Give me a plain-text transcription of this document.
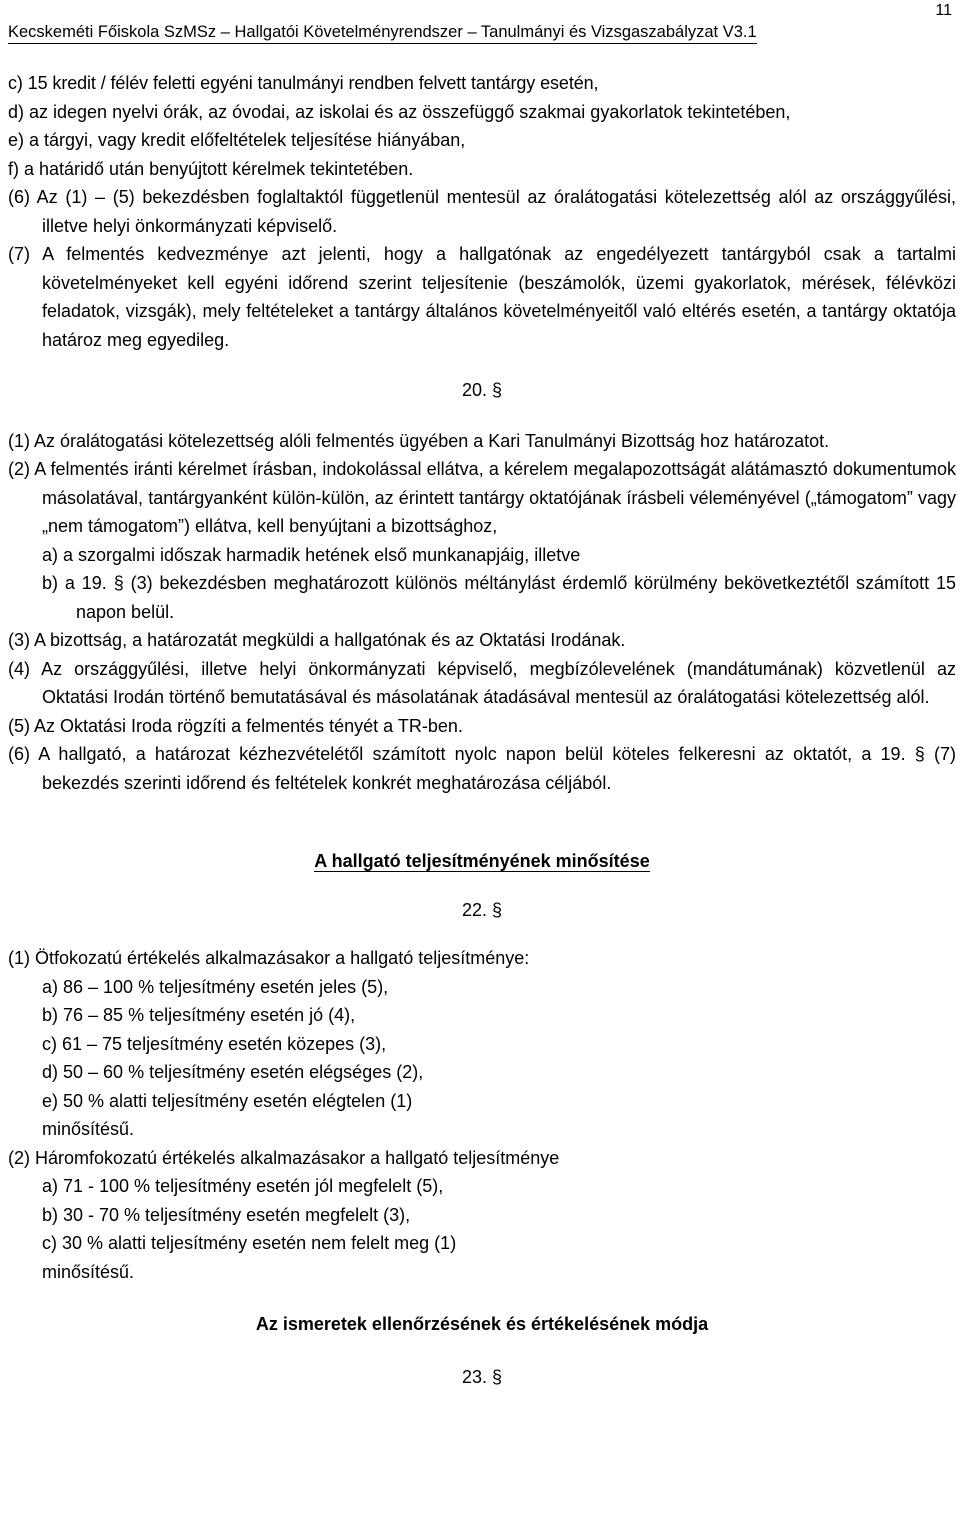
Kecskeméti Főiskola SzMSz – Hallgatói Követelményrendszer – Tanulmányi és Vizsgaszabályzat V3.1
11
c) 15 kredit / félév feletti egyéni tanulmányi rendben felvett tantárgy esetén,
d) az idegen nyelvi órák, az óvodai, az iskolai és az összefüggő szakmai gyakorlatok tekintetében,
e) a tárgyi, vagy kredit előfeltételek teljesítése hiányában,
f) a határidő után benyújtott kérelmek tekintetében.
(6) Az (1) – (5) bekezdésben foglaltaktól függetlenül mentesül az óralátogatási kötelezettség alól az országgyűlési, illetve helyi önkormányzati képviselő.
(7) A felmentés kedvezménye azt jelenti, hogy a hallgatónak az engedélyezett tantárgyból csak a tartalmi követelményeket kell egyéni időrend szerint teljesítenie (beszámolók, üzemi gyakorlatok, mérések, félévközi feladatok, vizsgák), mely feltételeket a tantárgy általános követelményeitől való eltérés esetén, a tantárgy oktatója határoz meg egyedileg.
20. §
(1) Az óralátogatási kötelezettség alóli felmentés ügyében a Kari Tanulmányi Bizottság hoz határozatot.
(2) A felmentés iránti kérelmet írásban, indokolással ellátva, a kérelem megalapozottságát alátámasztó dokumentumok másolatával, tantárgyanként külön-külön, az érintett tantárgy oktatójának írásbeli véleményével („támogatom” vagy „nem támogatom”) ellátva, kell benyújtani a bizottsághoz,
a) a szorgalmi időszak harmadik hetének első munkanapjáig, illetve
b) a 19. § (3) bekezdésben meghatározott különös méltánylást érdemlő körülmény bekövetkeztétől számított 15 napon belül.
(3) A bizottság, a határozatát megküldi a hallgatónak és az Oktatási Irodának.
(4) Az országgyűlési, illetve helyi önkormányzati képviselő, megbízólevelének (mandátumának) közvetlenül az Oktatási Irodán történő bemutatásával és másolatának átadásával mentesül az óralátogatási kötelezettség alól.
(5) Az Oktatási Iroda rögzíti a felmentés tényét a TR-ben.
(6) A hallgató, a határozat kézhezvételétől számított nyolc napon belül köteles felkeresni az oktatót, a 19. § (7) bekezdés szerinti időrend és feltételek konkrét meghatározása céljából.
A hallgató teljesítményének minősítése
22. §
(1) Ötfokozatú értékelés alkalmazásakor a hallgató teljesítménye:
a) 86 – 100 % teljesítmény esetén jeles (5),
b) 76 – 85 % teljesítmény esetén jó (4),
c) 61 – 75 teljesítmény esetén közepes (3),
d) 50 – 60 % teljesítmény esetén elégséges (2),
e) 50 % alatti teljesítmény esetén elégtelen (1)
minősítésű.
(2) Háromfokozatú értékelés alkalmazásakor a hallgató teljesítménye
a) 71 - 100 % teljesítmény esetén jól megfelelt (5),
b) 30 - 70 % teljesítmény esetén megfelelt (3),
c) 30 % alatti teljesítmény esetén nem felelt meg (1)
minősítésű.
Az ismeretek ellenőrzésének és értékelésének módja
23. §
